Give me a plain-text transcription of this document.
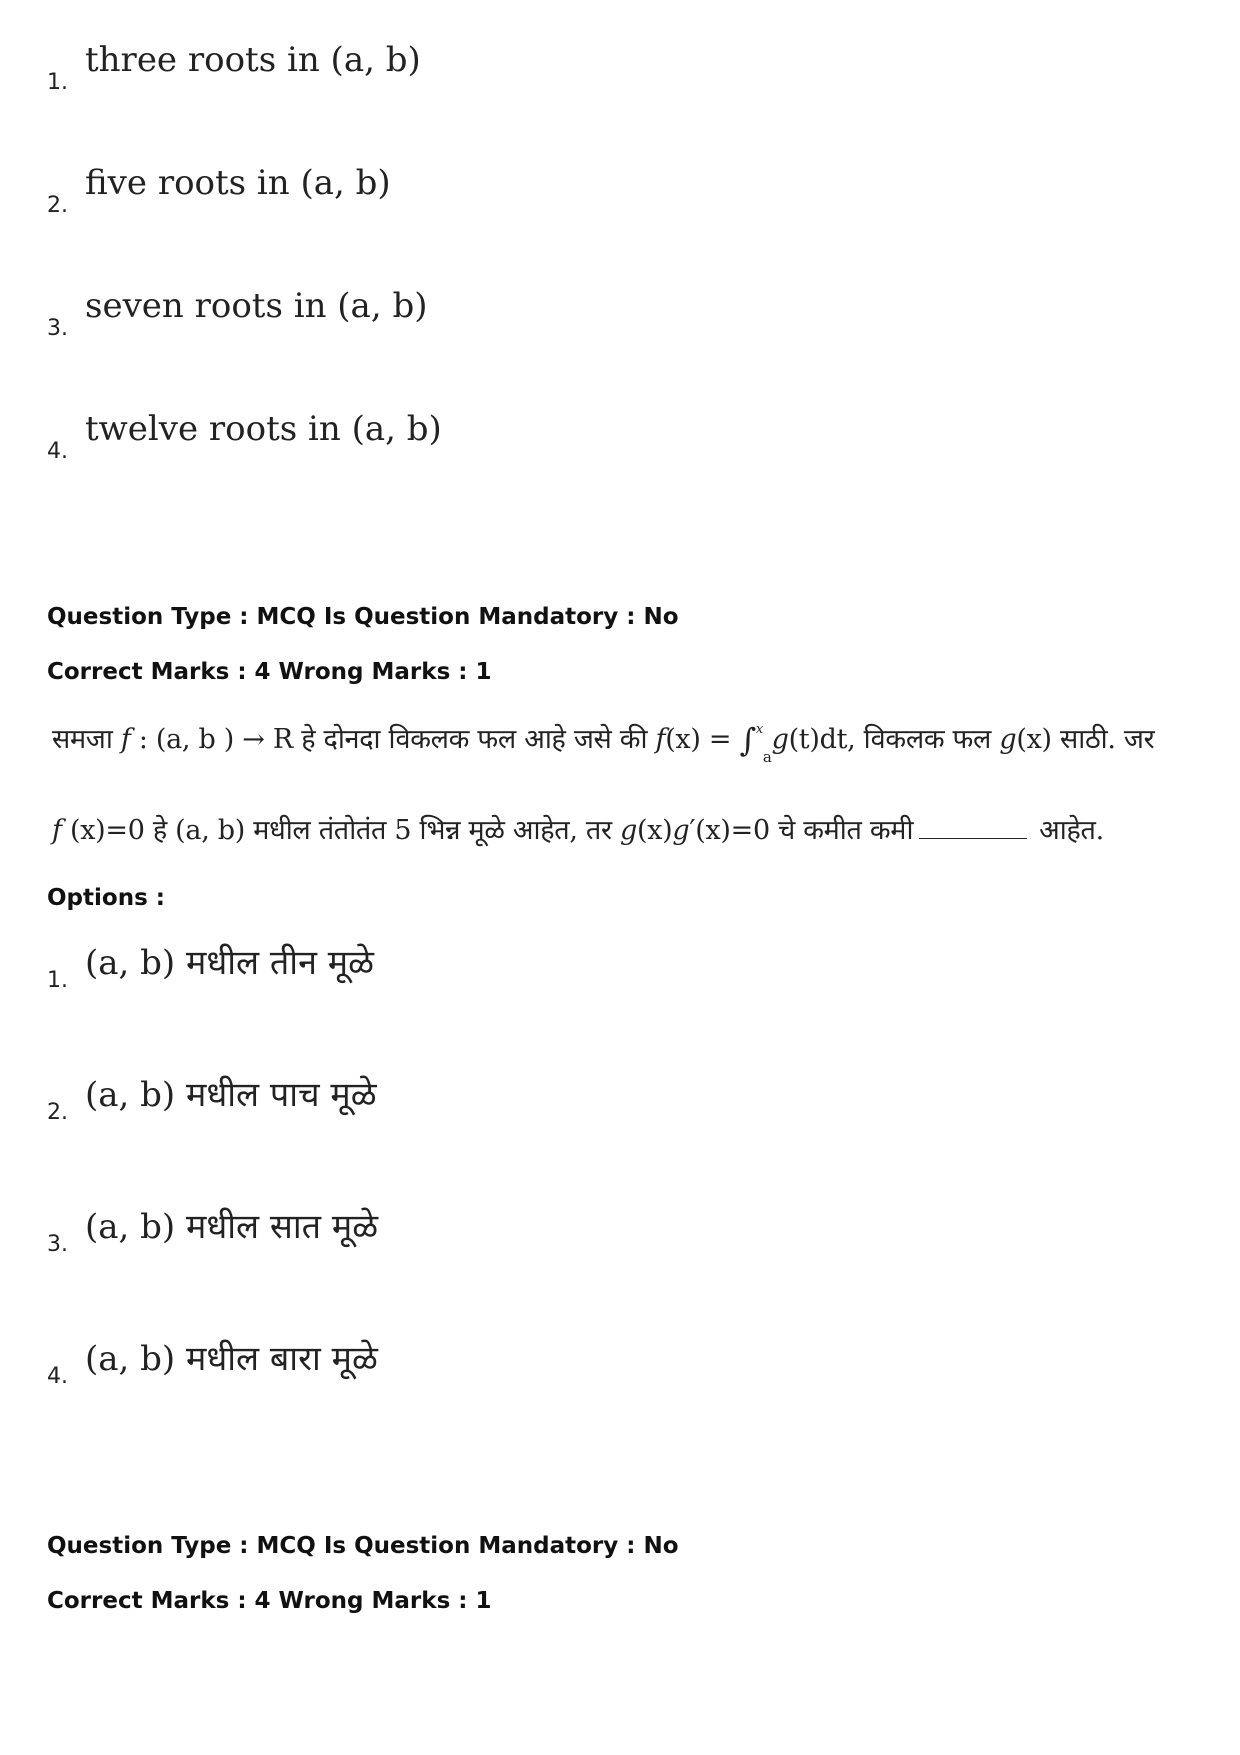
1.
three roots in (a, b)
2.
five roots in (a, b)
3.
seven roots in (a, b)
4.
twelve roots in (a, b)
Question Type : MCQ Is Question Mandatory : No
Correct Marks : 4 Wrong Marks : 1
समजा f : (a, b ) → R हे दोनदा विकलक फल आहे जसे की f(x) = ∫$^x_a$g(t)dt, विकलक फल g(x) साठी. जर
f (x)=0 हे (a, b) मधील तंतोतंत 5 भिन्न मूळे आहेत, तर g(x)g′(x)=0 चे कमीत कमी	आहेत.
Options :
1. (a, b) मधील तीन मूळे
2. (a, b) मधील पाच मूळे
3. (a, b) मधील सात मूळे
4. (a, b) मधील बारा मूळे
Question Type : MCQ Is Question Mandatory : No
Correct Marks : 4 Wrong Marks : 1
